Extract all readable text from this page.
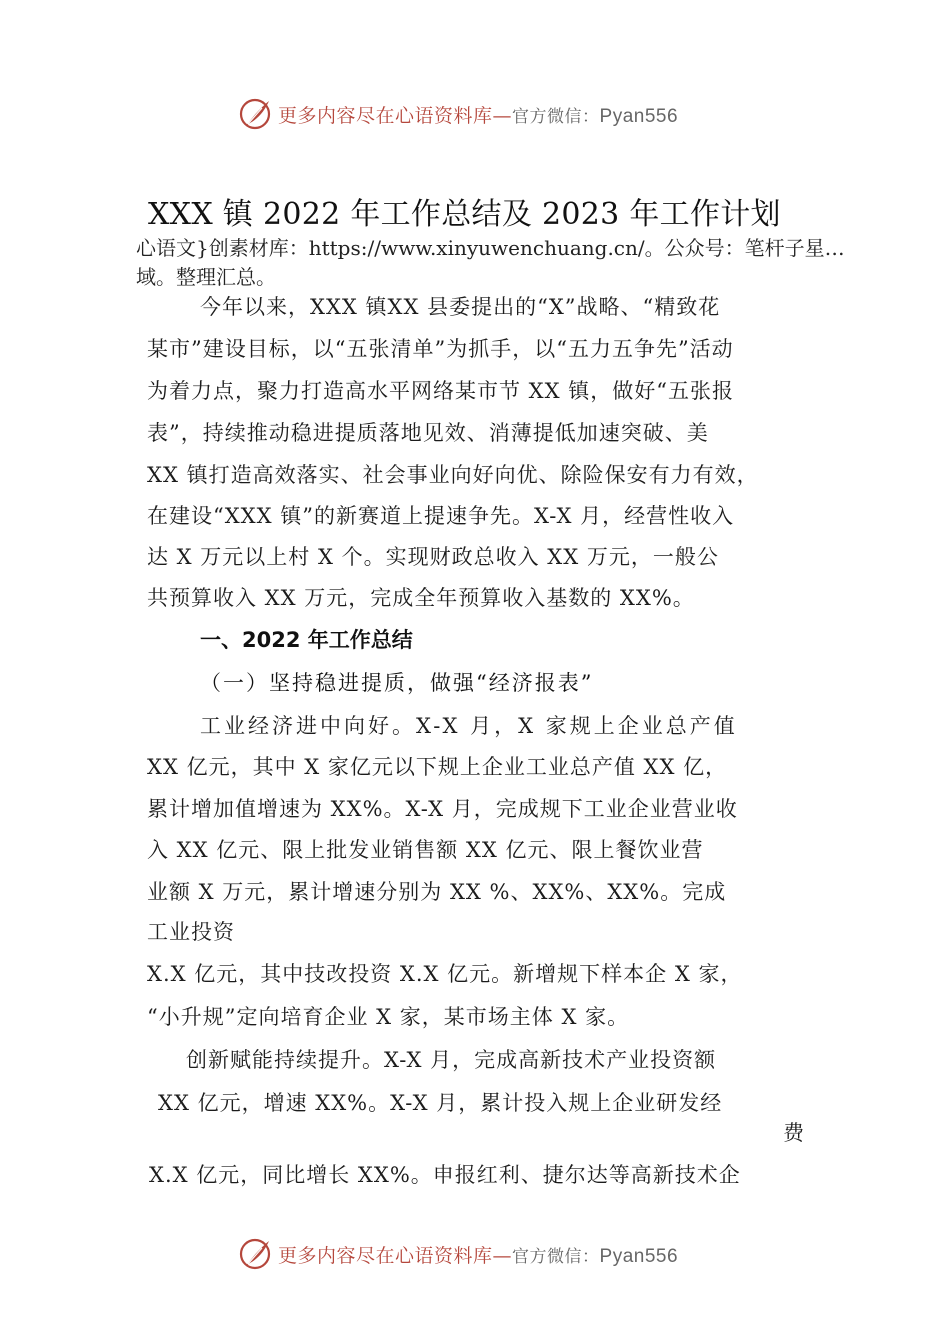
更多内容尽在心语资料库—官方微信：Pyan556
XXX 镇 2022 年工作总结及 2023 年工作计划
心语文}创素材库：https://www.xinyuwenchuang.cn/。公众号：笔杆子星…域。整理汇总。
今年以来，XXX 镇XX 县委提出的“X”战略、“精致花
某市”建设目标，以“五张清单”为抓手，以“五力五争先”活动
为着力点，聚力打造高水平网络某市节 XX 镇，做好“五张报
表”，持续推动稳进提质落地见效、消薄提低加速突破、美
XX 镇打造高效落实、社会事业向好向优、除险保安有力有效，
在建设“XXX 镇”的新赛道上提速争先。X-X 月，经营性收入
达 X 万元以上村 X 个。实现财政总收入 XX 万元，一般公
共预算收入 XX 万元，完成全年预算收入基数的 XX%。
一、2022 年工作总结
（一）坚持稳进提质，做强“经济报表”
工业经济进中向好。X-X 月，X 家规上企业总产值
XX 亿元，其中 X 家亿元以下规上企业工业总产值 XX 亿，
累计增加值增速为 XX%。X-X 月，完成规下工业企业营业收
入 XX 亿元、限上批发业销售额 XX 亿元、限上餐饮业营
业额 X 万元，累计增速分别为 XX %、XX%、XX%。完成
工业投资
X.X 亿元，其中技改投资 X.X 亿元。新增规下样本企 X 家，
“小升规”定向培育企业 X 家，某市场主体 X 家。
创新赋能持续提升。X-X 月，完成高新技术产业投资额
XX 亿元，增速 XX%。X-X 月，累计投入规上企业研发经
费
X.X 亿元，同比增长 XX%。申报红利、捷尔达等高新技术企
更多内容尽在心语资料库—官方微信：Pyan556
